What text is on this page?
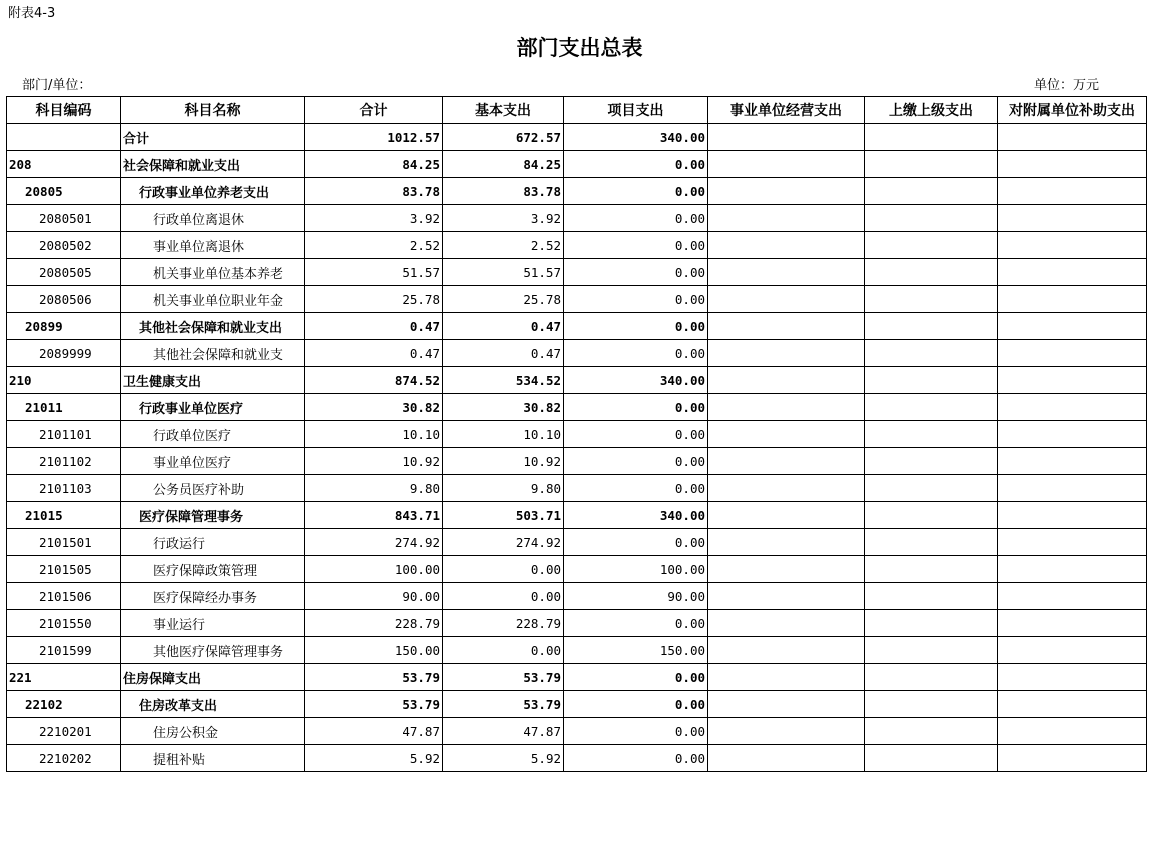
附表4-3
部门支出总表
部门/单位：	单位：万元
科目编码	科目名称	合计	基本支出	项目支出	事业单位经营支出	上缴上级支出	对附属单位补助支出
	合计	1012.57	672.57	340.00			
208	社会保障和就业支出	84.25	84.25	0.00			
20805	行政事业单位养老支出	83.78	83.78	0.00			
2080501	行政单位离退休	3.92	3.92	0.00			
2080502	事业单位离退休	2.52	2.52	0.00			
2080505	机关事业单位基本养老	51.57	51.57	0.00			
2080506	机关事业单位职业年金	25.78	25.78	0.00			
20899	其他社会保障和就业支出	0.47	0.47	0.00			
2089999	其他社会保障和就业支	0.47	0.47	0.00			
210	卫生健康支出	874.52	534.52	340.00			
21011	行政事业单位医疗	30.82	30.82	0.00			
2101101	行政单位医疗	10.10	10.10	0.00			
2101102	事业单位医疗	10.92	10.92	0.00			
2101103	公务员医疗补助	9.80	9.80	0.00			
21015	医疗保障管理事务	843.71	503.71	340.00			
2101501	行政运行	274.92	274.92	0.00			
2101505	医疗保障政策管理	100.00	0.00	100.00			
2101506	医疗保障经办事务	90.00	0.00	90.00			
2101550	事业运行	228.79	228.79	0.00			
2101599	其他医疗保障管理事务	150.00	0.00	150.00			
221	住房保障支出	53.79	53.79	0.00			
22102	住房改革支出	53.79	53.79	0.00			
2210201	住房公积金	47.87	47.87	0.00			
2210202	提租补贴	5.92	5.92	0.00			
